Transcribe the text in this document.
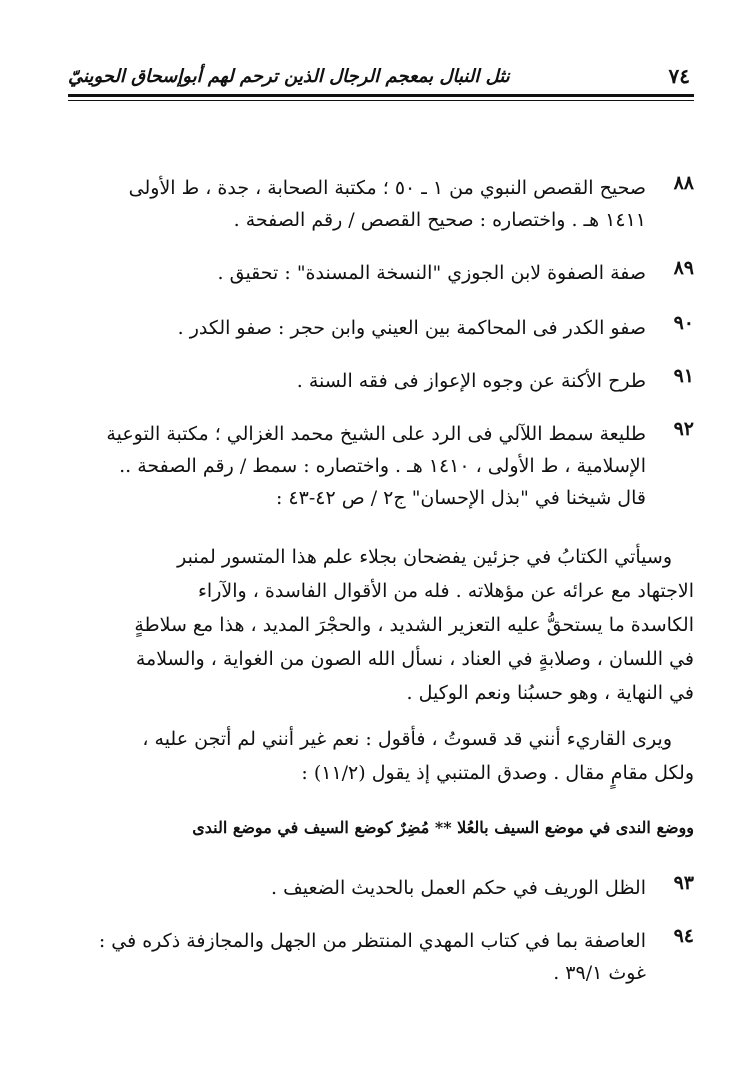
٧٤
نثل النبال بمعجم الرجال الذين ترحم لهم أبوإسحاق الحوينيّ
٨٨

صحيح القصص النبوي من ١ ـ ٥٠ ؛ مكتبة الصحابة ، جدة ، ط الأولى

١٤١١ هـ . واختصاره : صحيح القصص / رقم الصفحة .

٨٩

صفة الصفوة لابن الجوزي "النسخة المسندة" : تحقيق .

٩٠

صفو الكدر فى المحاكمة بين العيني وابن حجر : صفو الكدر .

٩١

طرح الأكنة عن وجوه الإعواز فى فقه السنة .

٩٢

طليعة سمط اللآلي فى الرد على الشيخ محمد الغزالي ؛ مكتبة التوعية

الإسلامية ، ط الأولى ، ١٤١٠ هـ . واختصاره : سمط / رقم الصفحة ..

قال شيخنا في "بذل الإحسان" ج٢ / ص ٤٢-٤٣ :

وسيأتي الكتابُ في جزئين يفضحان بجلاء علم هذا المتسور لمنبر

الاجتهاد مع عرائه عن مؤهلاته . فله من الأقوال الفاسدة ، والآراء

الكاسدة ما يستحقُّ عليه التعزير الشديد ، والحجْرَ المديد ، هذا مع سلاطةٍ

في اللسان ، وصلابةٍ في العناد ، نسأل الله الصون من الغواية ، والسلامة

في النهاية ، وهو حسبُنا ونعم الوكيل .

ويرى القاريء أنني قد قسوتُ ، فأقول : نعم غير أنني لم أتجن عليه ،

ولكل مقامٍ مقال . وصدق المتنبي إذ يقول (١١/٢) :

ووضع الندى في موضع السيف بالعُلا ** مُضِرٌ كوضع السيف في موضع الندى
٩٣

الظل الوريف في حكم العمل بالحديث الضعيف .

٩٤

العاصفة بما في كتاب المهدي المنتظر من الجهل والمجازفة ذكره في :

غوث ٣٩/١ .
